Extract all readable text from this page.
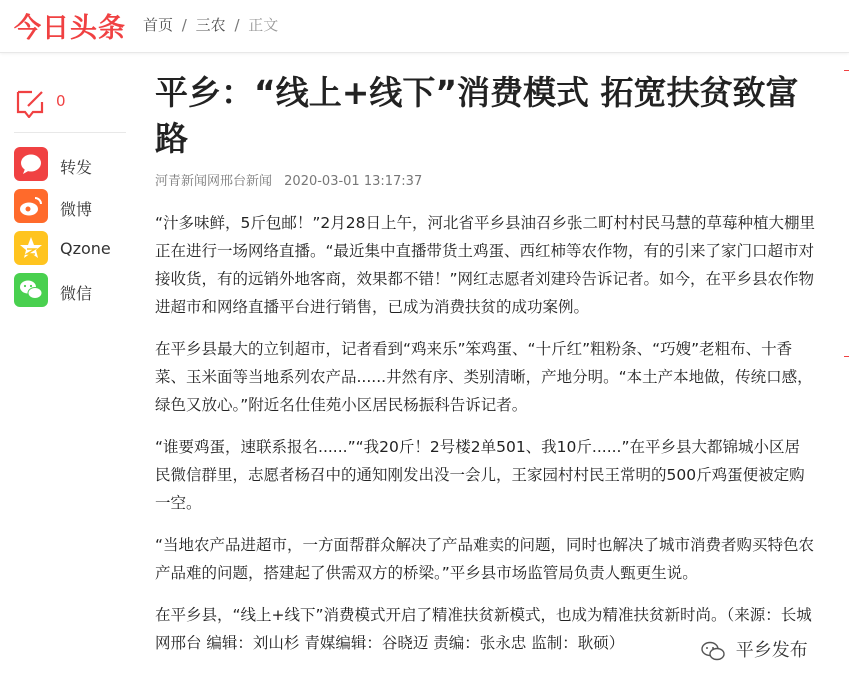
今日头条 首页 / 三农 / 正文
0
转发
微博
Qzone
微信
平乡：“线上+线下”消费模式 拓宽扶贫致富路
河青新闻网邢台新闻 2020-03-01 13:17:37

“汁多味鲜，5斤包邮！”2月28日上午，河北省平乡县油召乡张二町村村民马慧的草莓种植大棚里正在进行一场网络直播。“最近集中直播带货土鸡蛋、西红柿等农作物，有的引来了家门口超市对接收货，有的远销外地客商，效果都不错！”网红志愿者刘建玲告诉记者。如今，在平乡县农作物进超市和网络直播平台进行销售，已成为消费扶贫的成功案例。

在平乡县最大的立钊超市，记者看到“鸡来乐”笨鸡蛋、“十斤红”粗粉条、“巧嫂”老粗布、十香菜、玉米面等当地系列农产品......井然有序、类别清晰，产地分明。“本土产本地做，传统口感，绿色又放心。”附近名仕佳苑小区居民杨振科告诉记者。

“谁要鸡蛋，速联系报名......”“我20斤！2号楼2单501、我10斤......”在平乡县大都锦城小区居民微信群里，志愿者杨召中的通知刚发出没一会儿，王家园村村民王常明的500斤鸡蛋便被定购一空。

“当地农产品进超市，一方面帮群众解决了产品难卖的问题，同时也解决了城市消费者购买特色农产品难的问题，搭建起了供需双方的桥梁。”平乡县市场监管局负责人甄更生说。

在平乡县，“线上+线下”消费模式开启了精准扶贫新模式，也成为精准扶贫新时尚。（来源：长城网邢台 编辑：刘山杉 青媒编辑：谷晓迈 责编：张永忠 监制：耿硕）	平乡发布
